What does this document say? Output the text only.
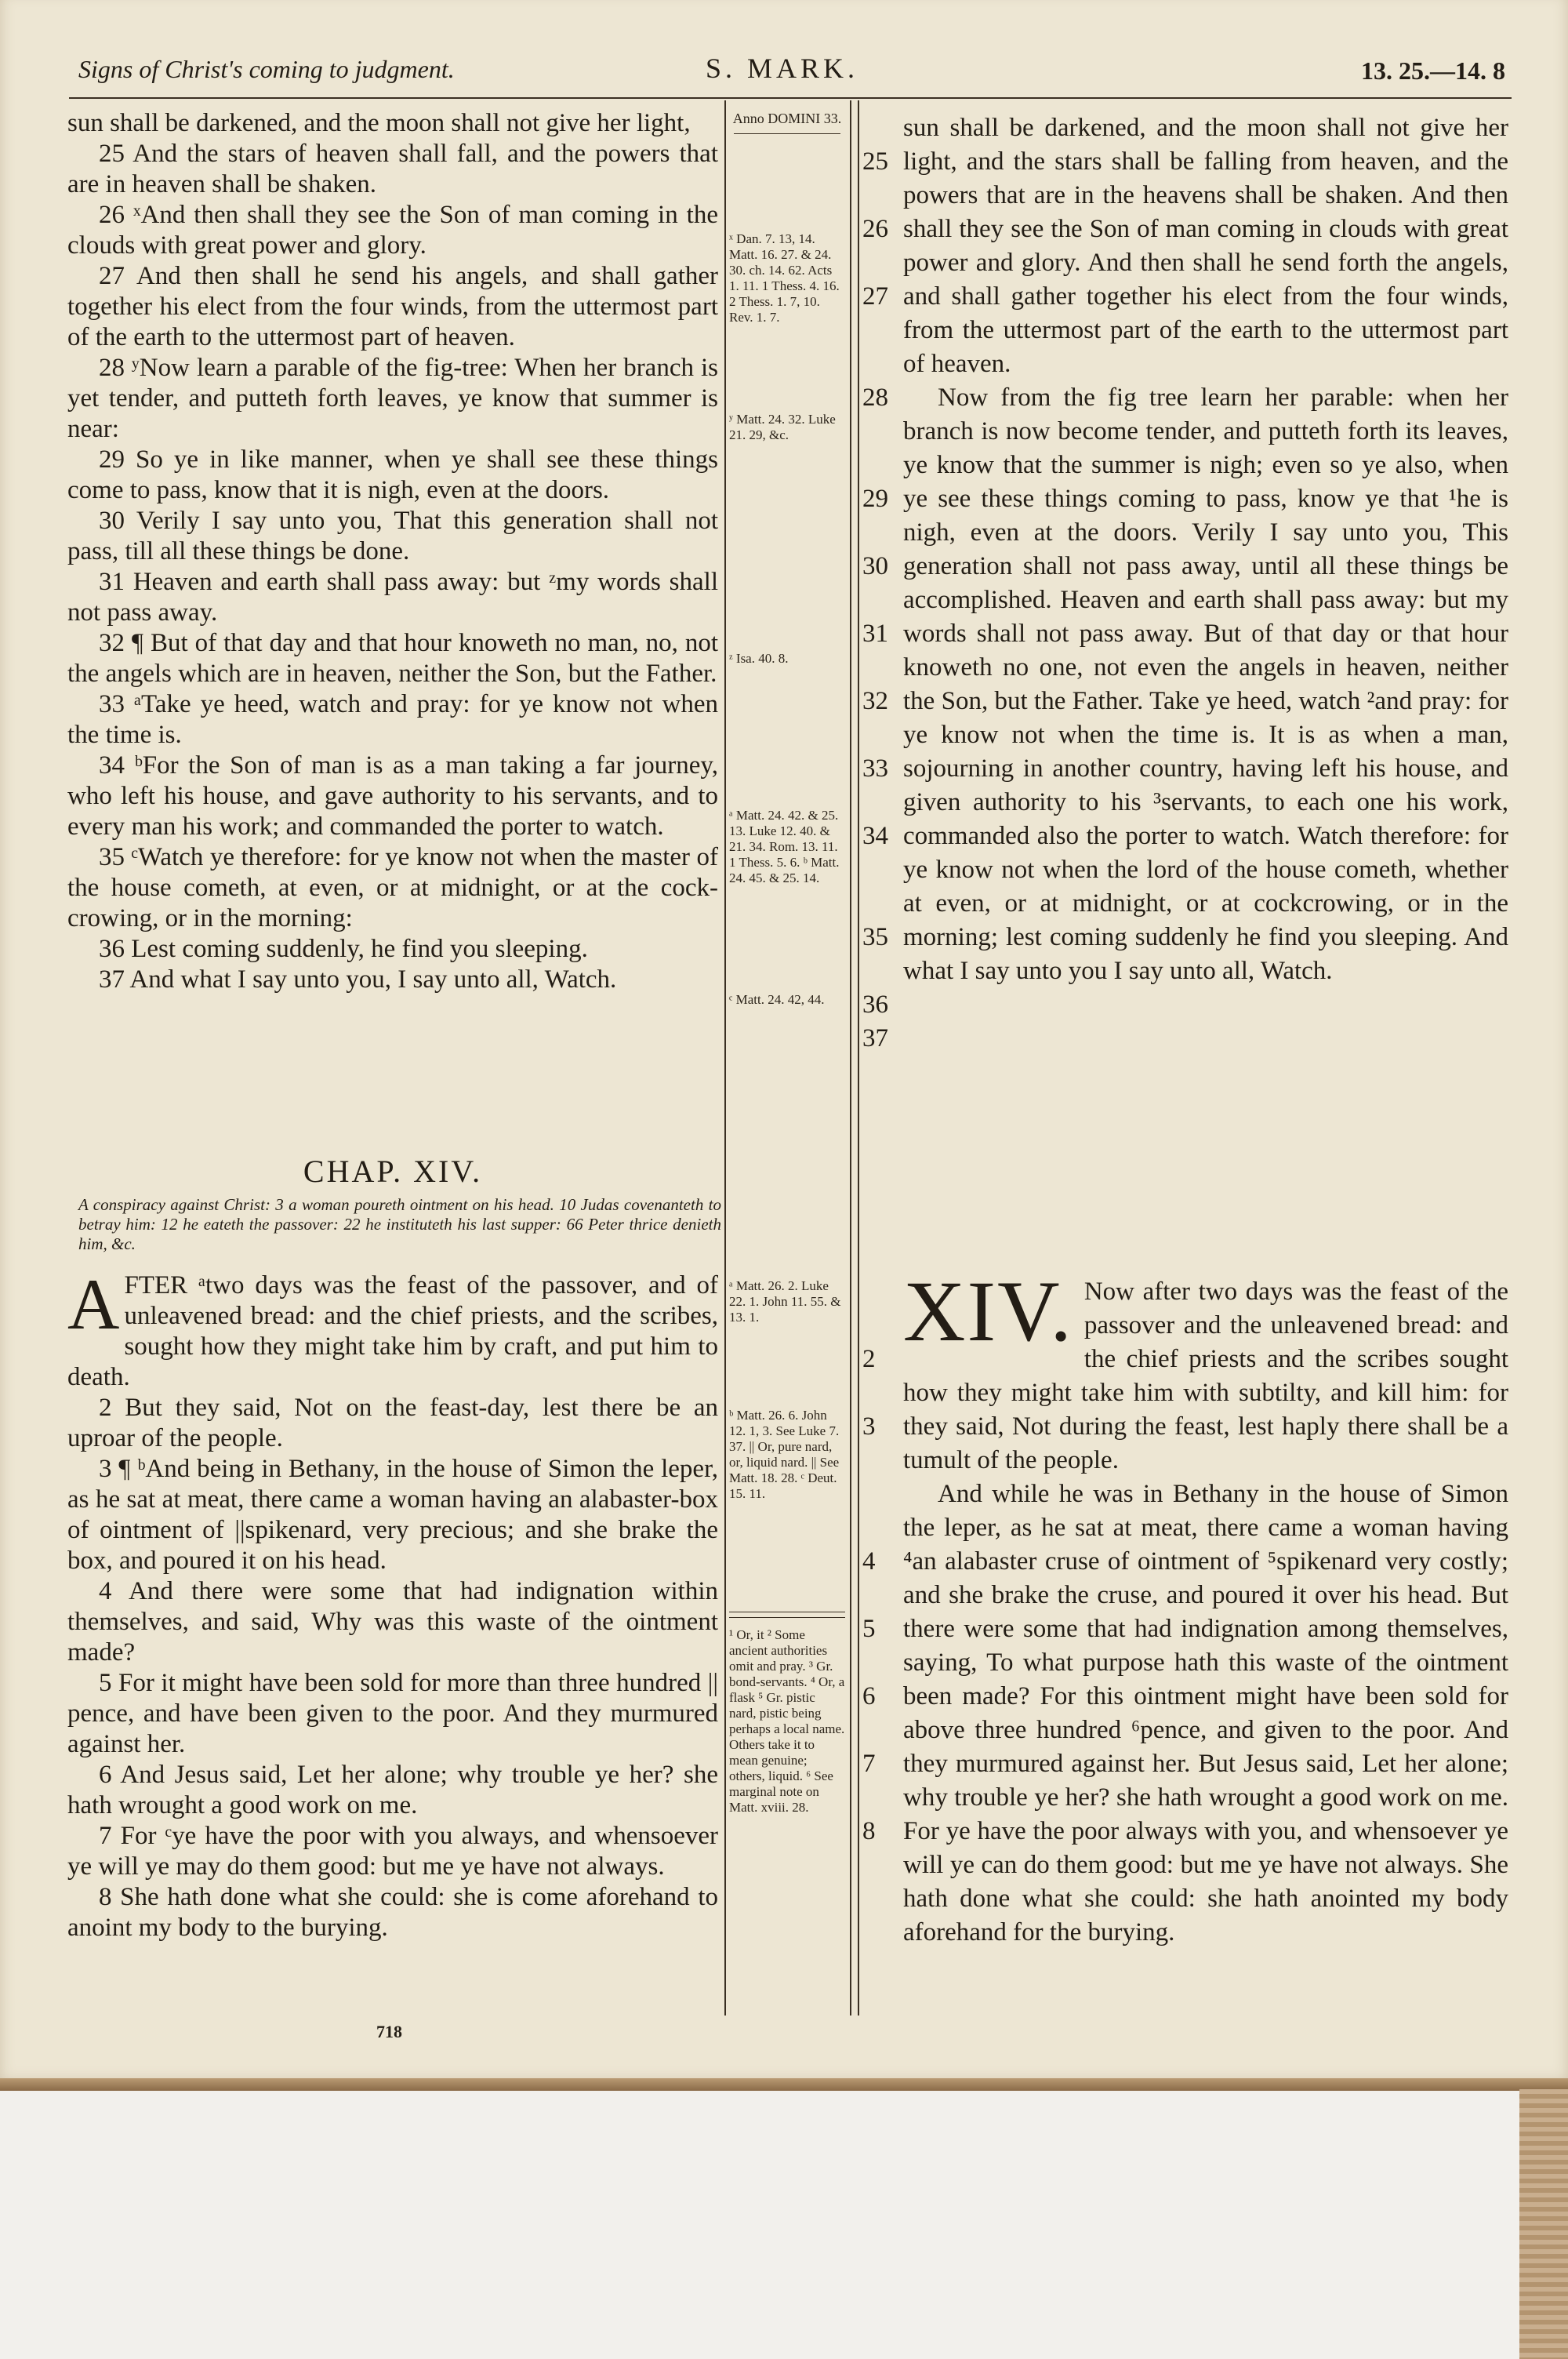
Signs of Christ's coming to judgment.	S. MARK.	13. 25.—14. 8

sun shall be darkened, and the moon shall not give her light,

25 And the stars of heaven shall fall, and the powers that are in heaven shall be shaken.

26 ˣAnd then shall they see the Son of man coming in the clouds with great power and glory.

27 And then shall he send his angels, and shall gather together his elect from the four winds, from the uttermost part of the earth to the uttermost part of heaven.

28 ʸNow learn a parable of the fig-tree: When her branch is yet tender, and putteth forth leaves, ye know that summer is near:

29 So ye in like manner, when ye shall see these things come to pass, know that it is nigh, even at the doors.

30 Verily I say unto you, That this generation shall not pass, till all these things be done.

31 Heaven and earth shall pass away: but ᶻmy words shall not pass away.

32 ¶ But of that day and that hour knoweth no man, no, not the angels which are in heaven, neither the Son, but the Father.

33 ᵃTake ye heed, watch and pray: for ye know not when the time is.

34 ᵇFor the Son of man is as a man taking a far journey, who left his house, and gave authority to his servants, and to every man his work; and commanded the porter to watch.

35 ᶜWatch ye therefore: for ye know not when the master of the house cometh, at even, or at midnight, or at the cock-crowing, or in the morning:

36 Lest coming suddenly, he find you sleeping.

37 And what I say unto you, I say unto all, Watch.

CHAP. XIV.
A conspiracy against Christ: 3 a woman poureth ointment on his head. 10 Judas covenanteth to betray him: 12 he eateth the passover: 22 he instituteth his last supper: 66 Peter thrice denieth him, &c.

AFTER ᵃtwo days was the feast of the passover, and of unleavened bread: and the chief priests, and the scribes, sought how they might take him by craft, and put him to death.

2 But they said, Not on the feast-day, lest there be an uproar of the people.

3 ¶ ᵇAnd being in Bethany, in the house of Simon the leper, as he sat at meat, there came a woman having an alabaster-box of ointment of ||spikenard, very precious; and she brake the box, and poured it on his head.

4 And there were some that had indignation within themselves, and said, Why was this waste of the ointment made?

5 For it might have been sold for more than three hundred || pence, and have been given to the poor. And they murmured against her.

6 And Jesus said, Let her alone; why trouble ye her? she hath wrought a good work on me.

7 For ᶜye have the poor with you always, and whensoever ye will ye may do them good: but me ye have not always.

8 She hath done what she could: she is come aforehand to anoint my body to the burying.

718
Anno DOMINI 33.
ˣ Dan. 7. 13, 14. Matt. 16. 27. & 24. 30. ch. 14. 62. Acts 1. 11. 1 Thess. 4. 16. 2 Thess. 1. 7, 10. Rev. 1. 7.
ʸ Matt. 24. 32. Luke 21. 29, &c.
ᶻ Isa. 40. 8.
ᵃ Matt. 24. 42. & 25. 13. Luke 12. 40. & 21. 34. Rom. 13. 11. 1 Thess. 5. 6. ᵇ Matt. 24. 45. & 25. 14.
ᶜ Matt. 24. 42, 44.
ᵃ Matt. 26. 2. Luke 22. 1. John 11. 55. & 13. 1.
ᵇ Matt. 26. 6. John 12. 1, 3. See Luke 7. 37. || Or, pure nard, or, liquid nard. || See Matt. 18. 28. ᶜ Deut. 15. 11.
¹ Or, it ² Some ancient authorities omit and pray. ³ Gr. bond-servants. ⁴ Or, a flask ⁵ Gr. pistic nard, pistic being perhaps a local name. Others take it to mean genuine; others, liquid. ⁶ See marginal note on Matt. xviii. 28.
25
26
27
28
29
30
31
32
33
34
35
36
37

sun shall be darkened, and the moon shall not give her light, and the stars shall be falling from heaven, and the powers that are in the heavens shall be shaken. And then shall they see the Son of man coming in clouds with great power and glory. And then shall he send forth the angels, and shall gather together his elect from the four winds, from the uttermost part of the earth to the uttermost part of heaven.

Now from the fig tree learn her parable: when her branch is now become tender, and putteth forth its leaves, ye know that the summer is nigh; even so ye also, when ye see these things coming to pass, know ye that ¹he is nigh, even at the doors. Verily I say unto you, This generation shall not pass away, until all these things be accomplished. Heaven and earth shall pass away: but my words shall not pass away. But of that day or that hour knoweth no one, not even the angels in heaven, neither the Son, but the Father. Take ye heed, watch ²and pray: for ye know not when the time is. It is as when a man, sojourning in another country, having left his house, and given authority to his ³servants, to each one his work, commanded also the porter to watch. Watch therefore: for ye know not when the lord of the house cometh, whether at even, or at midnight, or at cockcrowing, or in the morning; lest coming suddenly he find you sleeping. And what I say unto you I say unto all, Watch.

2
3
4
5
6
7
8

XIV. Now after two days was the feast of the passover and the unleavened bread: and the chief priests and the scribes sought how they might take him with subtilty, and kill him: for they said, Not during the feast, lest haply there shall be a tumult of the people.

And while he was in Bethany in the house of Simon the leper, as he sat at meat, there came a woman having ⁴an alabaster cruse of ointment of ⁵spikenard very costly; and she brake the cruse, and poured it over his head. But there were some that had indignation among themselves, saying, To what purpose hath this waste of the ointment been made? For this ointment might have been sold for above three hundred ⁶pence, and given to the poor. And they murmured against her. But Jesus said, Let her alone; why trouble ye her? she hath wrought a good work on me. For ye have the poor always with you, and whensoever ye will ye can do them good: but me ye have not always. She hath done what she could: she hath anointed my body aforehand for the burying.
